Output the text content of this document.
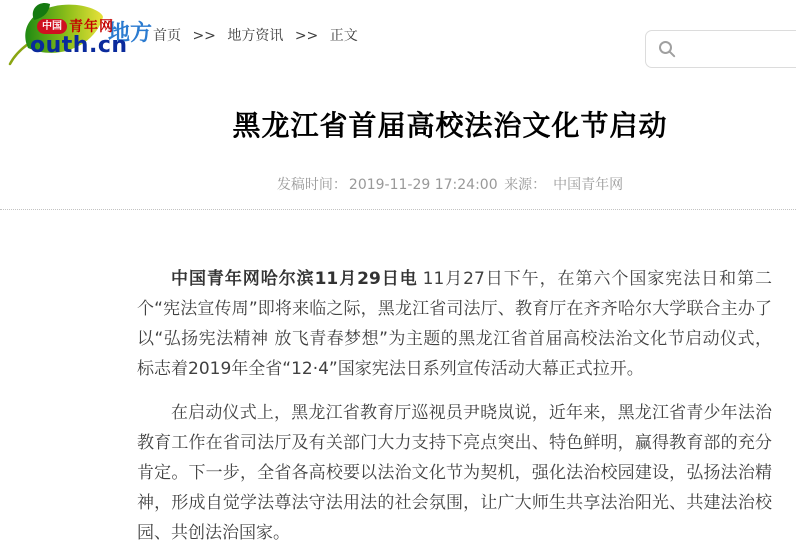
中国 青年网
outh.cn
地方 首页 >> 地方资讯 >> 正文
黑龙江省首届高校法治文化节启动
发稿时间： 2019-11-29 17:24:00 来源： 中国青年网

中国青年网哈尔滨11月29日电 11月27日下午，在第六个国家宪法日和第二个“宪法宣传周”即将来临之际，黑龙江省司法厅、教育厅在齐齐哈尔大学联合主办了以“弘扬宪法精神 放飞青春梦想”为主题的黑龙江省首届高校法治文化节启动仪式，标志着2019年全省“12·4”国家宪法日系列宣传活动大幕正式拉开。

在启动仪式上，黑龙江省教育厅巡视员尹晓岚说，近年来，黑龙江省青少年法治教育工作在省司法厅及有关部门大力支持下亮点突出、特色鲜明，赢得教育部的充分肯定。下一步，全省各高校要以法治文化节为契机，强化法治校园建设，弘扬法治精神，形成自觉学法尊法守法用法的社会氛围，让广大师生共享法治阳光、共建法治校园、共创法治国家。
